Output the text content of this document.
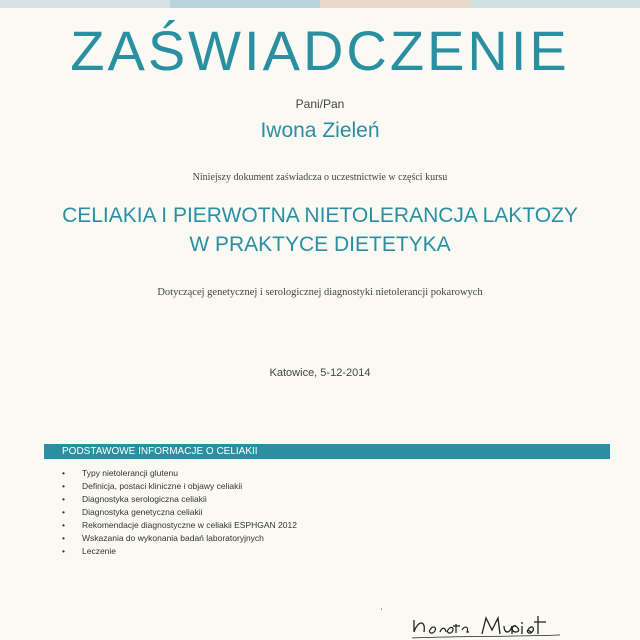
ZAŚWIADCZENIE
Pani/Pan
Iwona Zieleń
Niniejszy dokument zaświadcza o uczestnictwie w części kursu
CELIAKIA I PIERWOTNA NIETOLERANCJA LAKTOZY
W PRAKTYCE DIETETYKA
Dotyczącej genetycznej i serologicznej diagnostyki nietolerancji pokarowych
Katowice, 5-12-2014
PODSTAWOWE INFORMACJE O CELIAKII
• Typy nietolerancji glutenu
• Definicja, postaci kliniczne i objawy celiakii
• Diagnostyka serologiczna celiakii
• Diagnostyka genetyczna celiakii
• Rekomendacje diagnostyczne w celiakii ESPHGAN 2012
• Wskazania do wykonania badań laboratoryjnych
• Leczenie
ˈ
